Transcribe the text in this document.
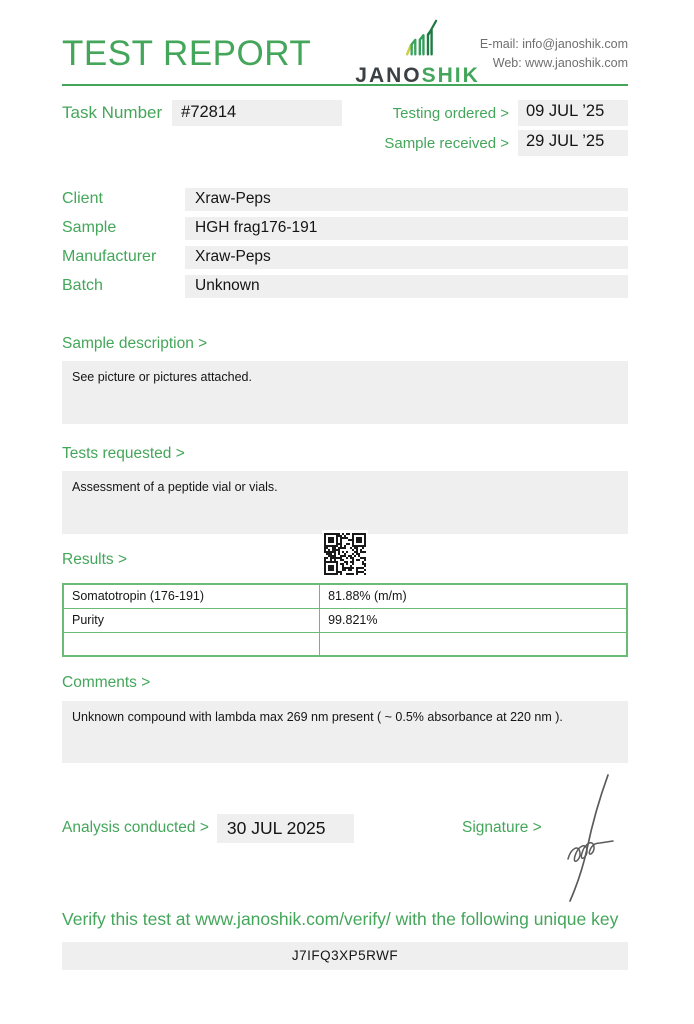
TEST REPORT
JANOSHIK
E-mail: info@janoshik.com
Web: www.janoshik.com
Task Number	#72814	Testing ordered >	09 JUL ’25
Sample received >	29 JUL ’25
Client	Xraw-Peps
Sample	HGH frag176-191
Manufacturer	Xraw-Peps
Batch	Unknown
Sample description >
See picture or pictures attached.
Tests requested >
Assessment of a peptide vial or vials.
Results >
Somatotropin (176-191)	81.88% (m/m)
Purity	99.821%

Comments >
Unknown compound with lambda max 269 nm present ( ~ 0.5% absorbance at 220 nm ).
Analysis conducted >	30 JUL 2025	Signature >
Verify this test at www.janoshik.com/verify/ with the following unique key
J7IFQ3XP5RWF
